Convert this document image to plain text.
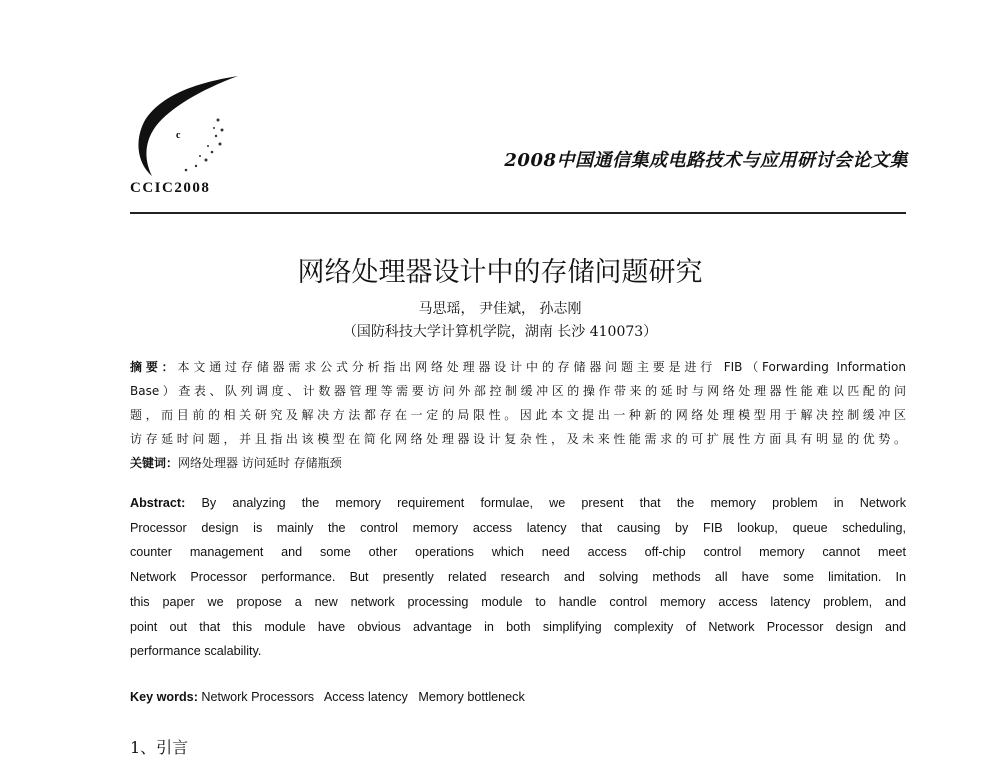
c
CCIC2008
2008中国通信集成电路技术与应用研讨会论文集
网络处理器设计中的存储问题研究
马思瑶， 尹佳斌， 孙志刚
（国防科技大学计算机学院，湖南 长沙 410073）
摘要：本文通过存储器需求公式分析指出网络处理器设计中的存储器问题主要是进行 FIB（Forwarding Information
Base）查表、队列调度、计数器管理等需要访问外部控制缓冲区的操作带来的延时与网络处理器性能难以匹配的问
题，而目前的相关研究及解决方法都存在一定的局限性。因此本文提出一种新的网络处理模型用于解决控制缓冲区
访存延时问题，并且指出该模型在简化网络处理器设计复杂性，及未来性能需求的可扩展性方面具有明显的优势。
关键词：网络处理器 访问延时 存储瓶颈
Abstract: By analyzing the memory requirement formulae, we present that the memory problem in Network
Processor design is mainly the control memory access latency that causing by FIB lookup, queue scheduling,
counter management and some other operations which need access off-chip control memory cannot meet
Network Processor performance. But presently related research and solving methods all have some limitation. In
this paper we propose a new network processing module to handle control memory access latency problem, and
point out that this module have obvious advantage in both simplifying complexity of Network Processor design and
performance scalability.
Key words: Network Processors   Access latency   Memory bottleneck
1、引言
